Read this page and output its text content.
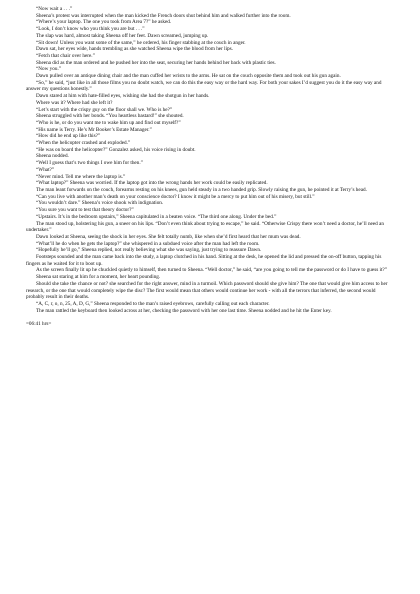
“Now wait a . . .”

Sheena’s protest was interrupted when the man kicked the French doors shut behind him and walked further into the room.

“Where’s your laptop. The one you took from Area 7?” he asked.

“Look, I don’t know who you think you are but . . .”

The slap was hard, almost taking Sheena off her feet. Dawn screamed, jumping up.

“Sit down! Unless you want some of the same,” he ordered, his finger stabbing at the couch in anger.

Dawn sat, her eyes wide, hands trembling as she watched Sheena wipe the blood from her lips.

“Fetch that chair over here.”

Sheena did as the man ordered and he pushed her into the seat, securing her hands behind her back with plastic ties.

“Now you.”

Dawn pulled over an antique dining chair and the man cuffed her wrists to the arms. He sat on the couch opposite them and took out his gun again.

“So,” he said, “just like in all those films you no doubt watch, we can do this the easy way or the hard way. For both your sakes I’d suggest you do it the easy way and answer my questions honestly.”

Dawn stared at him with hate-filled eyes, wishing she had the shotgun in her hands.

Where was it? Where had she left it?

“Let’s start with the crispy guy on the floor shall we. Who is he?”

Sheena struggled with her bonds. “You heartless bastard!” she shouted.

“Who is he, or do you want me to wake him up and find out myself?”

“His name is Terry. He’s Mr Booker’s Estate Manager.”

“How did he end up like this?”

“When the helicopter crashed and exploded.”

“He was on board the helicopter?” Gonzalez asked, his voice rising in doubt.

Sheena nodded.

“Well I guess that’s two things I owe him for then.”

“What?”

“Never mind. Tell me where the laptop is.”

“What laptop?” Sheena was worried. If the laptop got into the wrong hands her work could be easily replicated.

The man leant forwards on the couch, forearms resting on his knees, gun held steady in a two handed grip. Slowly raising the gun, he pointed it at Terry’s head.

“Can you live with another man’s death on your conscience doctor? I know it might be a mercy to put him out of his misery, but still.”

“You wouldn’t dare.” Sheena’s voice shook with indignation.

“You sure you want to test that theory doctor?”

“Upstairs. It’s in the bedroom upstairs,” Sheena capitulated in a beaten voice. “The third one along. Under the bed.”

The man stood up, holstering his gun, a sneer on his lips. “Don’t even think about trying to escape,” he said. “Otherwise Crispy there won’t need a doctor, he’ll need an undertaker.”

Dawn looked at Sheena, seeing the shock in her eyes. She felt totally numb, like when she’d first heard that her mum was dead.

“What’ll he do when he gets the laptop?” she whispered in a subdued voice after the man had left the room.

“Hopefully he’ll go,” Sheena replied, not really believing what she was saying, just trying to reassure Dawn.

Footsteps sounded and the man came back into the study, a laptop clutched in his hand. Sitting at the desk, he opened the lid and pressed the on-off button, tapping his fingers as he waited for it to boot up.

As the screen finally lit up he chuckled quietly to himself, then turned to Sheena. “Well doctor,” he said, “are you going to tell me the password or do I have to guess it?”

Sheena sat staring at him for a moment, her heart pounding.

Should she take the chance or not? she searched for the right answer, mind in a turmoil. Which password should she give him? The one that would give him access to her research, or the one that would completely wipe the disc? The first would mean that others would continue her work - with all the terrors that inferred, the second would probably result in their deaths.

“A, C, r, o, n, 25, A, D, G,” Sheena responded to the man’s raised eyebrows, carefully calling out each character.

The man rattled the keyboard then looked across at her, checking the password with her one last time. Sheena nodded and he hit the Enter key.

=06:41 hrs=
